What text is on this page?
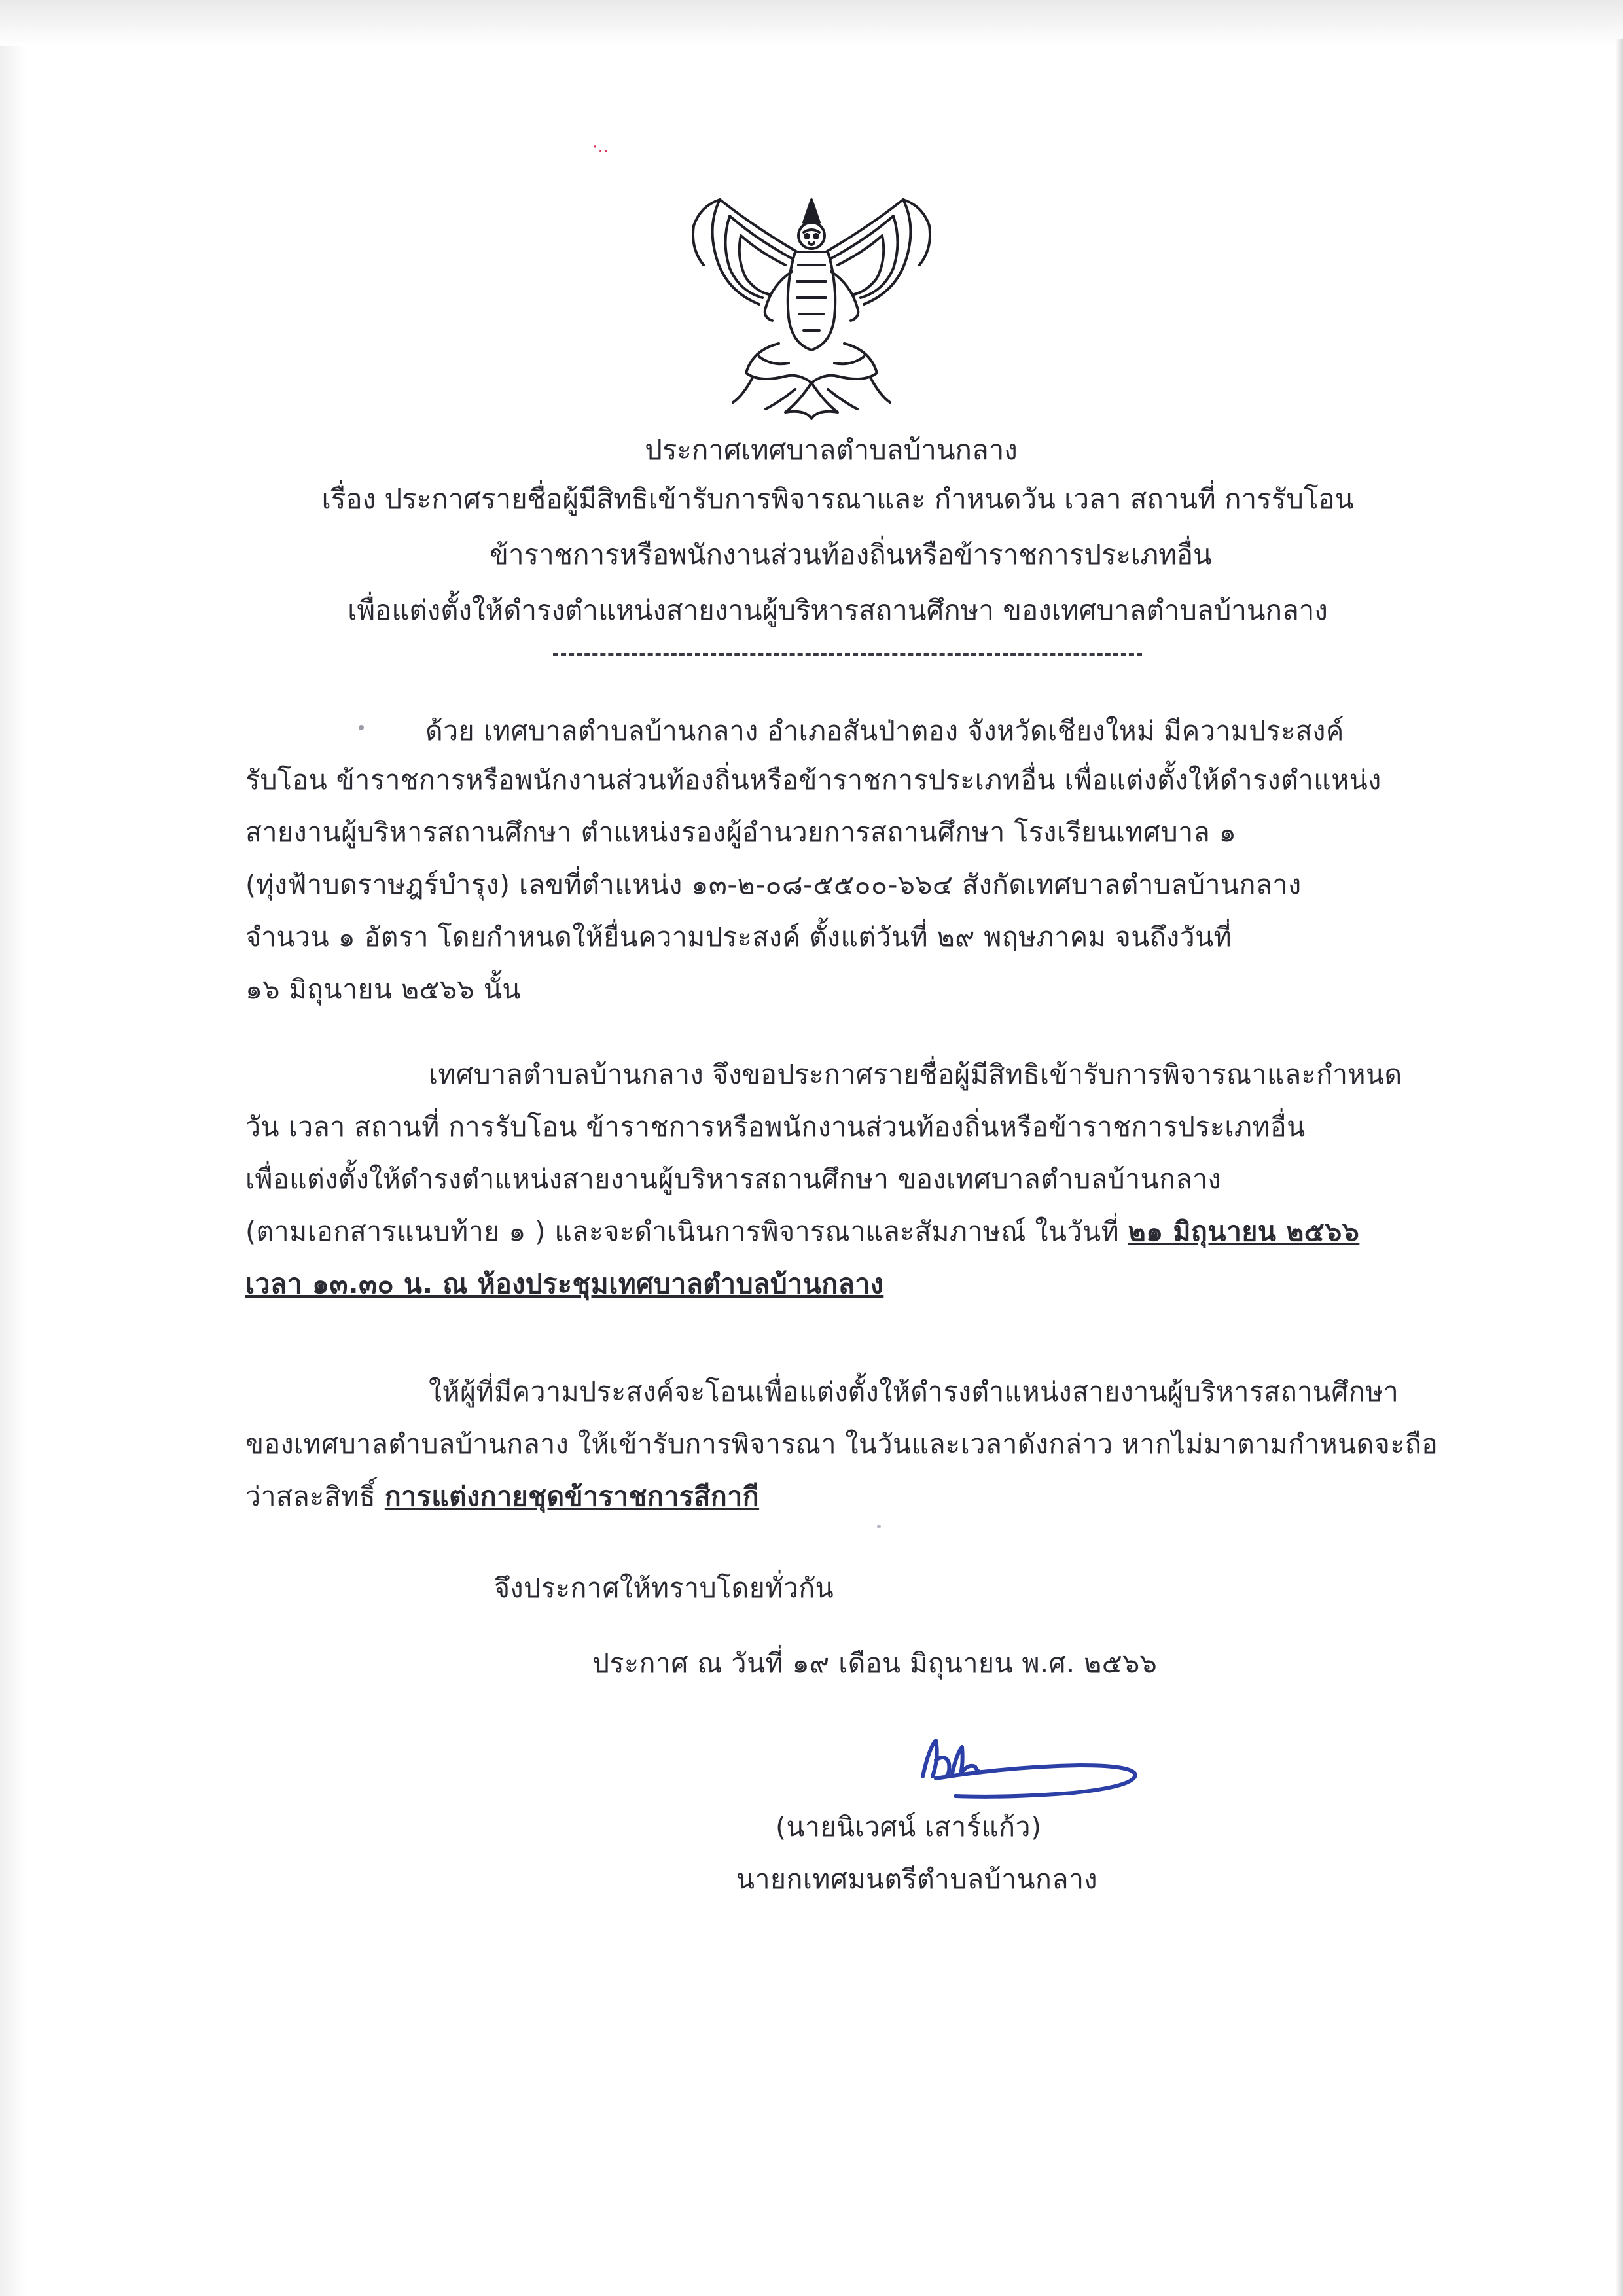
·‥
ประกาศเทศบาลตำบลบ้านกลาง
เรื่อง ประกาศรายชื่อผู้มีสิทธิเข้ารับการพิจารณาและ กำหนดวัน เวลา สถานที่ การรับโอน
ข้าราชการหรือพนักงานส่วนท้องถิ่นหรือข้าราชการประเภทอื่น
เพื่อแต่งตั้งให้ดำรงตำแหน่งสายงานผู้บริหารสถานศึกษา ของเทศบาลตำบลบ้านกลาง
ด้วย เทศบาลตำบลบ้านกลาง อำเภอสันป่าตอง จังหวัดเชียงใหม่ มีความประสงค์
รับโอน ข้าราชการหรือพนักงานส่วนท้องถิ่นหรือข้าราชการประเภทอื่น เพื่อแต่งตั้งให้ดำรงตำแหน่ง
สายงานผู้บริหารสถานศึกษา ตำแหน่งรองผู้อำนวยการสถานศึกษา โรงเรียนเทศบาล ๑
(ทุ่งฟ้าบดราษฎร์บำรุง) เลขที่ตำแหน่ง ๑๓-๒-๐๘-๕๕๐๐-๖๖๔ สังกัดเทศบาลตำบลบ้านกลาง
จำนวน ๑ อัตรา โดยกำหนดให้ยื่นความประสงค์ ตั้งแต่วันที่ ๒๙ พฤษภาคม จนถึงวันที่
๑๖ มิถุนายน ๒๕๖๖ นั้น
เทศบาลตำบลบ้านกลาง จึงขอประกาศรายชื่อผู้มีสิทธิเข้ารับการพิจารณาและกำหนด
วัน เวลา สถานที่ การรับโอน ข้าราชการหรือพนักงานส่วนท้องถิ่นหรือข้าราชการประเภทอื่น
เพื่อแต่งตั้งให้ดำรงตำแหน่งสายงานผู้บริหารสถานศึกษา ของเทศบาลตำบลบ้านกลาง
(ตามเอกสารแนบท้าย ๑ ) และจะดำเนินการพิจารณาและสัมภาษณ์ ในวันที่ ๒๑ มิถุนายน ๒๕๖๖
เวลา ๑๓.๓๐ น. ณ ห้องประชุมเทศบาลตำบลบ้านกลาง
ให้ผู้ที่มีความประสงค์จะโอนเพื่อแต่งตั้งให้ดำรงตำแหน่งสายงานผู้บริหารสถานศึกษา
ของเทศบาลตำบลบ้านกลาง ให้เข้ารับการพิจารณา ในวันและเวลาดังกล่าว หากไม่มาตามกำหนดจะถือ
ว่าสละสิทธิ์ การแต่งกายชุดข้าราชการสีกากี
จึงประกาศให้ทราบโดยทั่วกัน
ประกาศ ณ วันที่ ๑๙ เดือน มิถุนายน พ.ศ. ๒๕๖๖
(นายนิเวศน์ เสาร์แก้ว)
นายกเทศมนตรีตำบลบ้านกลาง
